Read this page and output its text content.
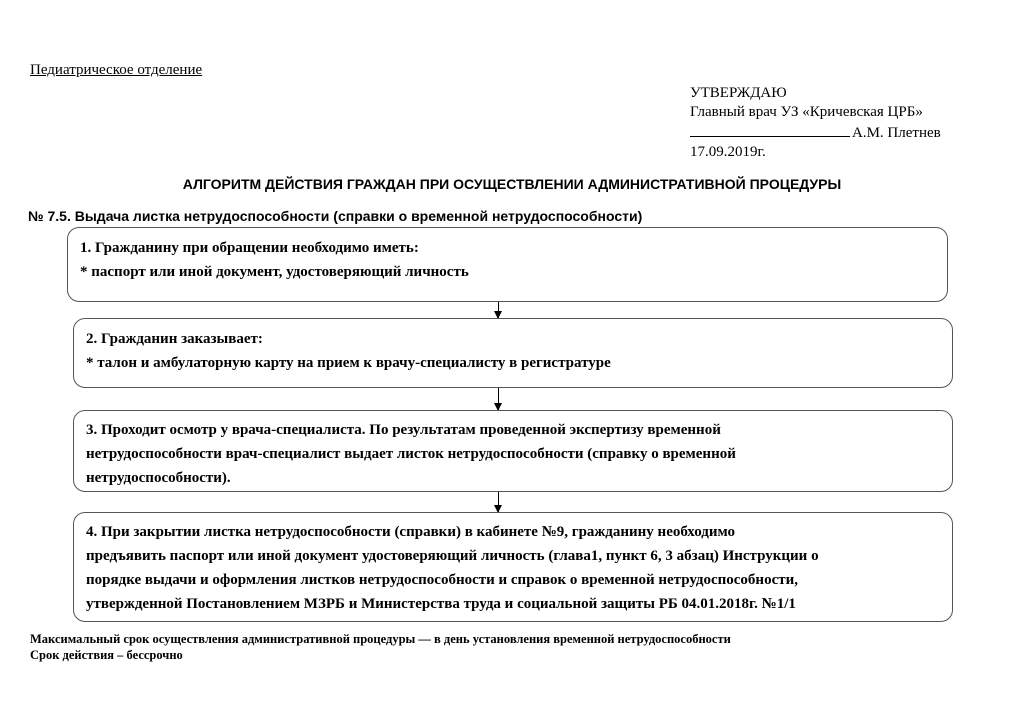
Педиатрическое отделение
УТВЕРЖДАЮ
Главный врач УЗ «Кричевская ЦРБ»
А.М. Плетнев
17.09.2019г.
АЛГОРИТМ ДЕЙСТВИЯ ГРАЖДАН ПРИ ОСУЩЕСТВЛЕНИИ АДМИНИСТРАТИВНОЙ ПРОЦЕДУРЫ
№ 7.5. Выдача листка нетрудоспособности (справки о временной нетрудоспособности)
1. Гражданину при обращении необходимо иметь:
* паспорт или иной документ, удостоверяющий личность
2. Гражданин заказывает:
* талон и амбулаторную карту на прием к врачу-специалисту в регистратуре
3. Проходит осмотр у врача-специалиста. По результатам проведенной экспертизу временной
нетрудоспособности врач-специалист выдает листок нетрудоспособности (справку о временной
нетрудоспособности).
4. При закрытии листка нетрудоспособности (справки) в кабинете №9, гражданину необходимо
предъявить паспорт или иной документ удостоверяющий личность (глава1, пункт 6, 3 абзац) Инструкции о
порядке выдачи и оформления листков нетрудоспособности и справок о временной нетрудоспособности,
утвержденной Постановлением МЗРБ и Министерства труда и социальной защиты РБ 04.01.2018г. №1/1
Максимальный срок осуществления административной процедуры — в день установления временной нетрудоспособности
Срок действия – бессрочно
